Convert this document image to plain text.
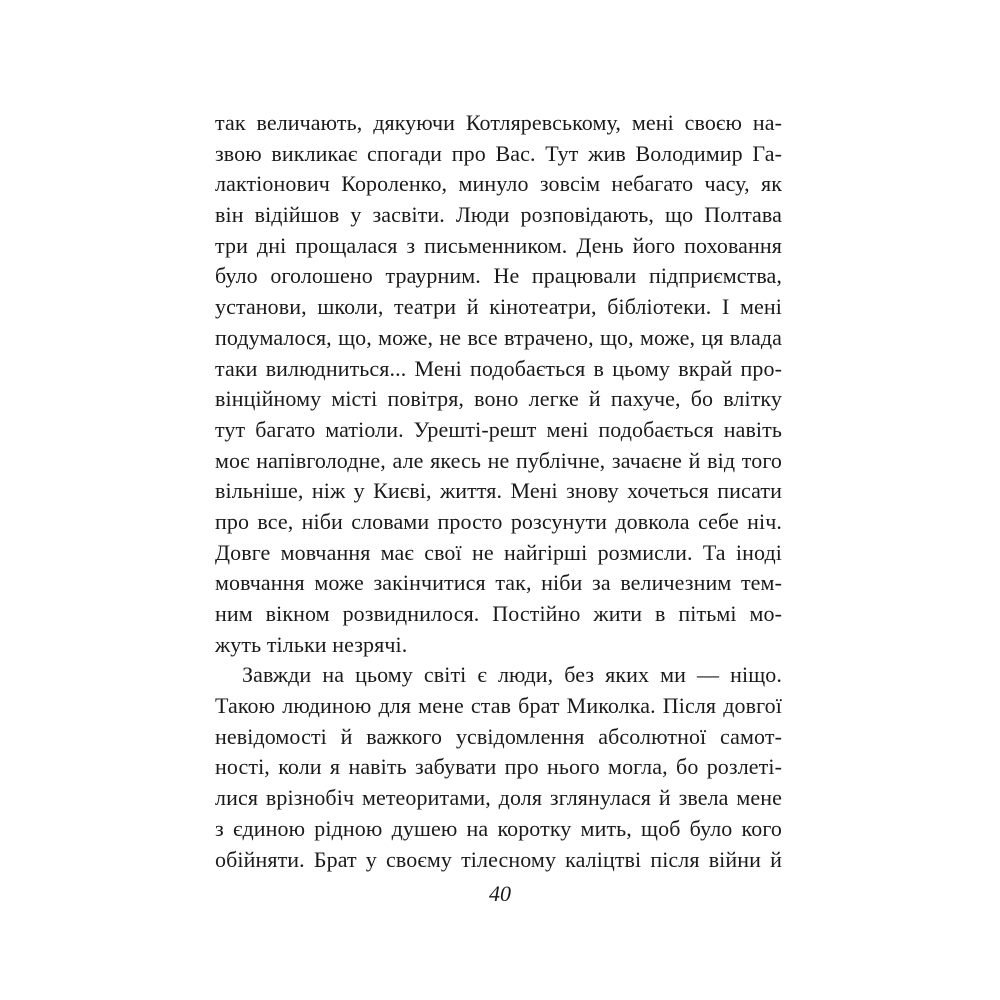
так величають, дякуючи Котляревському, мені своєю на-
звою викликає спогади про Вас. Тут жив Володимир Га-
лактіонович Короленко, минуло зовсім небагато часу, як
він відійшов у засвіти. Люди розповідають, що Полтава
три дні прощалася з письменником. День його поховання
було оголошено траурним. Не працювали підприємства,
установи, школи, театри й кінотеатри, бібліотеки. І мені
подумалося, що, може, не все втрачено, що, може, ця влада
таки вилюдниться... Мені подобається в цьому вкрай про-
вінційному місті повітря, воно легке й пахуче, бо влітку
тут багато матіоли. Урешті-решт мені подобається навіть
моє напівголодне, але якесь не публічне, зачаєне й від того
вільніше, ніж у Києві, життя. Мені знову хочеться писати
про все, ніби словами просто розсунути довкола себе ніч.
Довге мовчання має свої не найгірші розмисли. Та іноді
мовчання може закінчитися так, ніби за величезним тем-
ним вікном розвиднилося. Постійно жити в пітьмі мо-
жуть тільки незрячі.
Завжди на цьому світі є люди, без яких ми — ніщо.
Такою людиною для мене став брат Миколка. Після довгої
невідомості й важкого усвідомлення абсолютної самот-
ності, коли я навіть забувати про нього могла, бо розлеті-
лися врізнобіч метеоритами, доля зглянулася й звела мене
з єдиною рідною душею на коротку мить, щоб було кого
обійняти. Брат у своєму тілесному каліцтві після війни й
40
